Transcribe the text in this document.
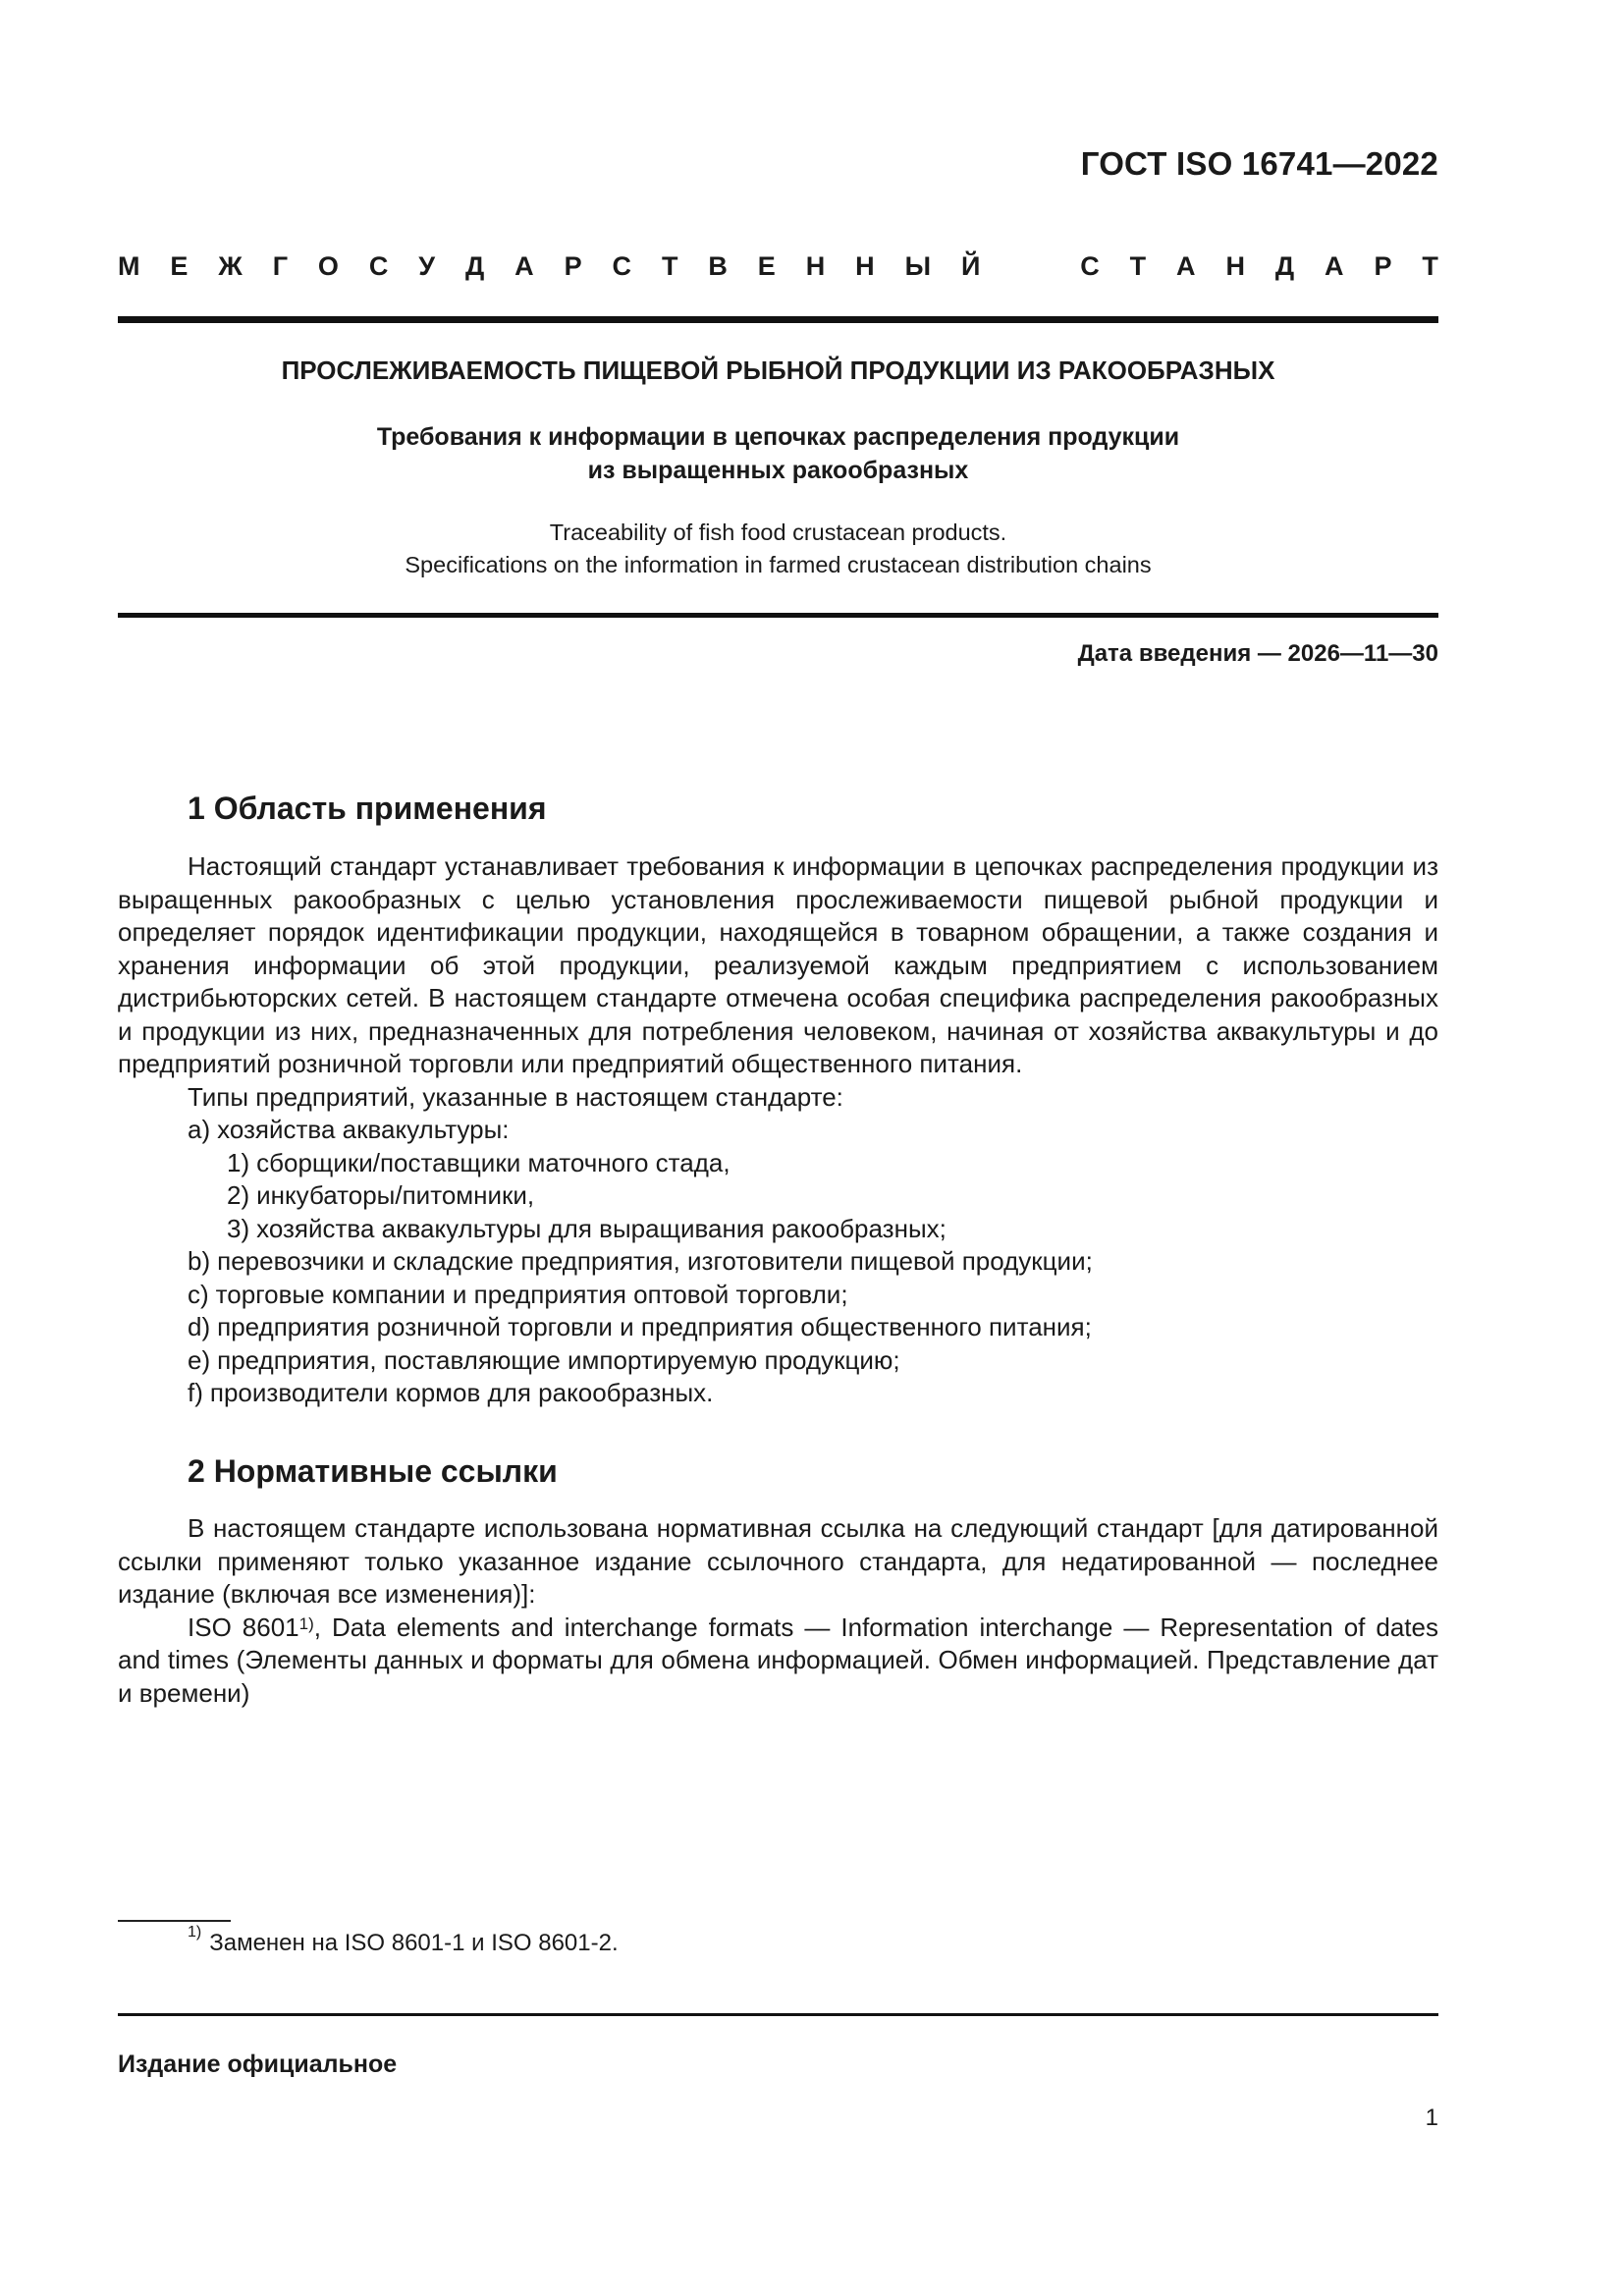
ГОСТ ISO 16741—2022
М Е Ж Г О С У Д А Р С Т В Е Н Н Ы Й	С Т А Н Д А Р Т
ПРОСЛЕЖИВАЕМОСТЬ ПИЩЕВОЙ РЫБНОЙ ПРОДУКЦИИ ИЗ РАКООБРАЗНЫХ
Требования к информации в цепочках распределения продукции
из выращенных ракообразных
Traceability of fish food crustacean products.
Specifications on the information in farmed crustacean distribution chains
Дата введения — 2026—11—30
1 Область применения

Настоящий стандарт устанавливает требования к информации в цепочках распределения продукции из выращенных ракообразных с целью установления прослеживаемости пищевой рыбной продукции и определяет порядок идентификации продукции, находящейся в товарном обращении, а также создания и хранения информации об этой продукции, реализуемой каждым предприятием с использованием дистрибьюторских сетей. В настоящем стандарте отмечена особая специфика распределения ракообразных и продукции из них, предназначенных для потребления человеком, начиная от хозяйства аквакультуры и до предприятий розничной торговли или предприятий общественного питания.

Типы предприятий, указанные в настоящем стандарте:

а) хозяйства аквакультуры:

1) сборщики/поставщики маточного стада,

2) инкубаторы/питомники,

3) хозяйства аквакультуры для выращивания ракообразных;

b) перевозчики и складские предприятия, изготовители пищевой продукции;

c) торговые компании и предприятия оптовой торговли;

d) предприятия розничной торговли и предприятия общественного питания;

e) предприятия, поставляющие импортируемую продукцию;

f) производители кормов для ракообразных.

2 Нормативные ссылки

В настоящем стандарте использована нормативная ссылка на следующий стандарт [для датированной ссылки применяют только указанное издание ссылочного стандарта, для недатированной — последнее издание (включая все изменения)]:

ISO 8601$^{1)}$, Data elements and interchange formats — Information interchange — Representation of dates and times (Элементы данных и форматы для обмена информацией. Обмен информацией. Представление дат и времени)

$^{1)}$ Заменен на ISO 8601-1 и ISO 8601-2.
Издание официальное
1
